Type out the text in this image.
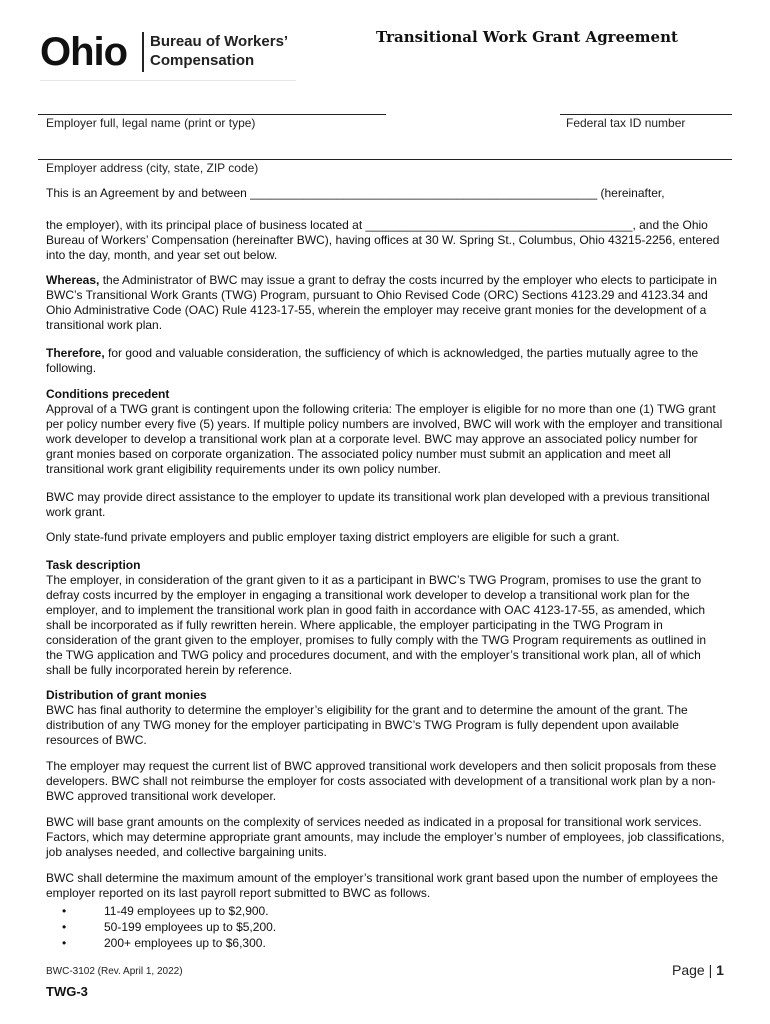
Ohio Bureau of Workers’
Compensation
Transitional Work Grant Agreement
Employer full, legal name (print or type)	Federal tax ID number
Employer address (city, state, ZIP code)
This is an Agreement by and between ____________________________________________________ (hereinafter,
the employer), with its principal place of business located at ________________________________________, and the Ohio Bureau of Workers’ Compensation (hereinafter BWC), having offices at 30 W. Spring St., Columbus, Ohio 43215-2256, entered into the day, month, and year set out below.
Whereas, the Administrator of BWC may issue a grant to defray the costs incurred by the employer who elects to participate in BWC’s Transitional Work Grants (TWG) Program, pursuant to Ohio Revised Code (ORC) Sections 4123.29 and 4123.34 and Ohio Administrative Code (OAC) Rule 4123-17-55, wherein the employer may receive grant monies for the development of a transitional work plan.
Therefore, for good and valuable consideration, the sufficiency of which is acknowledged, the parties mutually agree to the following.

Conditions precedent

Approval of a TWG grant is contingent upon the following criteria: The employer is eligible for no more than one (1) TWG grant per policy number every five (5) years. If multiple policy numbers are involved, BWC will work with the employer and transitional work developer to develop a transitional work plan at a corporate level. BWC may approve an associated policy number for grant monies based on corporate organization. The associated policy number must submit an application and meet all transitional work grant eligibility requirements under its own policy number.

BWC may provide direct assistance to the employer to update its transitional work plan developed with a previous transitional work grant.
Only state-fund private employers and public employer taxing district employers are eligible for such a grant.

Task description

The employer, in consideration of the grant given to it as a participant in BWC’s TWG Program, promises to use the grant to defray costs incurred by the employer in engaging a transitional work developer to develop a transitional work plan for the employer, and to implement the transitional work plan in good faith in accordance with OAC 4123-17-55, as amended, which shall be incorporated as if fully rewritten herein. Where applicable, the employer participating in the TWG Program in consideration of the grant given to the employer, promises to fully comply with the TWG Program requirements as outlined in the TWG application and TWG policy and procedures document, and with the employer’s transitional work plan, all of which shall be fully incorporated herein by reference.

Distribution of grant monies

BWC has final authority to determine the employer’s eligibility for the grant and to determine the amount of the grant. The distribution of any TWG money for the employer participating in BWC’s TWG Program is fully dependent upon available resources of BWC.

The employer may request the current list of BWC approved transitional work developers and then solicit proposals from these developers. BWC shall not reimburse the employer for costs associated with development of a transitional work plan by a non-BWC approved transitional work developer.
BWC will base grant amounts on the complexity of services needed as indicated in a proposal for transitional work services. Factors, which may determine appropriate grant amounts, may include the employer’s number of employees, job classifications, job analyses needed, and collective bargaining units.
BWC shall determine the maximum amount of the employer’s transitional work grant based upon the number of employees the employer reported on its last payroll report submitted to BWC as follows.
• 11-49 employees up to $2,900.
• 50-199 employees up to $5,200.
• 200+ employees up to $6,300.
BWC-3102 (Rev. April 1, 2022)
TWG-3
Page | 1
